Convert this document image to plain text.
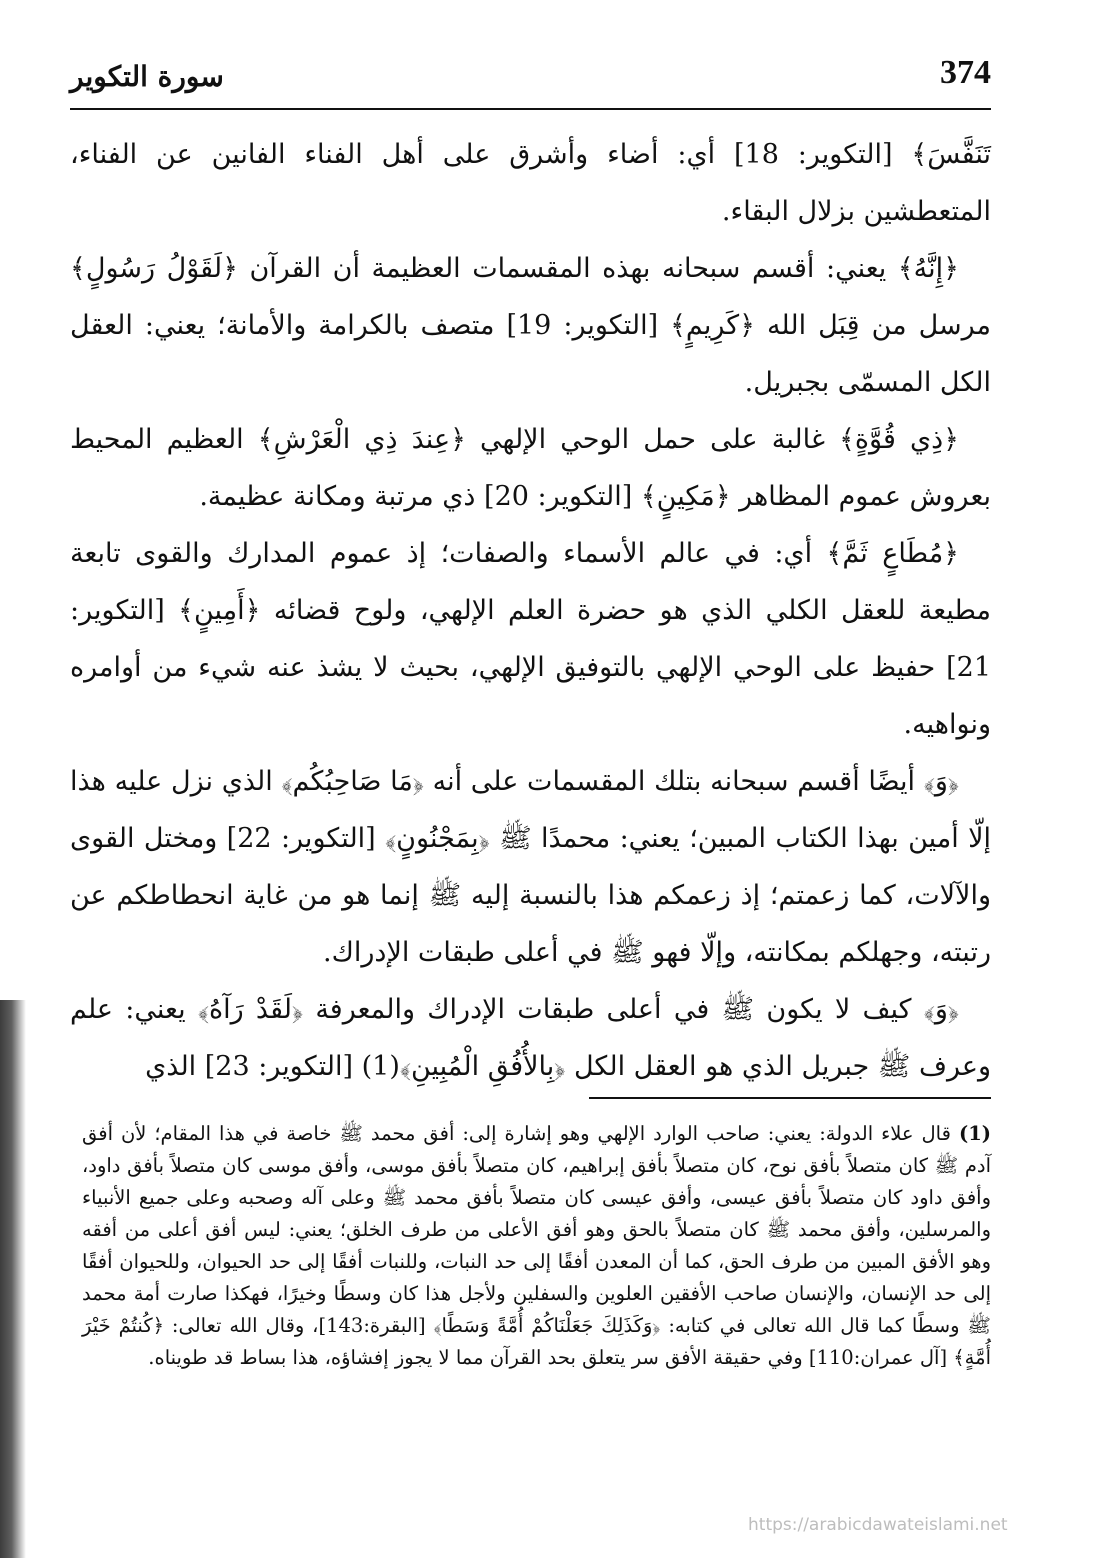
374
سورة التكوير

تَنَفَّسَ﴾ [التكوير: 18] أي: أضاء وأشرق على أهل الفناء الفانين عن الفناء، المتعطشين بزلال البقاء.

﴿إِنَّهُ﴾ يعني: أقسم سبحانه بهذه المقسمات العظيمة أن القرآن ﴿لَقَوْلُ رَسُولٍ﴾ مرسل من قِبَل الله ﴿كَرِيمٍ﴾ [التكوير: 19] متصف بالكرامة والأمانة؛ يعني: العقل الكل المسمّى بجبريل.

﴿ذِي قُوَّةٍ﴾ غالبة على حمل الوحي الإلهي ﴿عِندَ ذِي الْعَرْشِ﴾ العظيم المحيط بعروش عموم المظاهر ﴿مَكِينٍ﴾ [التكوير: 20] ذي مرتبة ومكانة عظيمة.

﴿مُطَاعٍ ثَمَّ﴾ أي: في عالم الأسماء والصفات؛ إذ عموم المدارك والقوى تابعة مطيعة للعقل الكلي الذي هو حضرة العلم الإلهي، ولوح قضائه ﴿أَمِينٍ﴾ [التكوير: 21] حفيظ على الوحي الإلهي بالتوفيق الإلهي، بحيث لا يشذ عنه شيء من أوامره ونواهيه.

﴿وَ﴾ أيضًا أقسم سبحانه بتلك المقسمات على أنه ﴿مَا صَاحِبُكُم﴾ الذي نزل عليه هذا إلّا أمين بهذا الكتاب المبين؛ يعني: محمدًا ﷺ ﴿بِمَجْنُونٍ﴾ [التكوير: 22] ومختل القوى والآلات، كما زعمتم؛ إذ زعمكم هذا بالنسبة إليه ﷺ إنما هو من غاية انحطاطكم عن رتبته، وجهلكم بمكانته، وإلّا فهو ﷺ في أعلى طبقات الإدراك.

﴿وَ﴾ كيف لا يكون ﷺ في أعلى طبقات الإدراك والمعرفة ﴿لَقَدْ رَآهُ﴾ يعني: علم وعرف ﷺ جبريل الذي هو العقل الكل ﴿بِالأُفُقِ الْمُبِينِ﴾(1) [التكوير: 23] الذي

(1)قال علاء الدولة: يعني: صاحب الوارد الإلهي وهو إشارة إلى: أفق محمد ﷺ خاصة في هذا المقام؛ لأن أفق آدم ﷺ كان متصلاً بأفق نوح، كان متصلاً بأفق إبراهيم، كان متصلاً بأفق موسى، وأفق موسى كان متصلاً بأفق داود، وأفق داود كان متصلاً بأفق عيسى، وأفق عيسى كان متصلاً بأفق محمد ﷺ وعلى آله وصحبه وعلى جميع الأنبياء والمرسلين، وأفق محمد ﷺ كان متصلاً بالحق وهو أفق الأعلى من طرف الخلق؛ يعني: ليس أفق أعلى من أفقه وهو الأفق المبين من طرف الحق، كما أن المعدن أفقًا إلى حد النبات، وللنبات أفقًا إلى حد الحيوان، وللحيوان أفقًا إلى حد الإنسان، والإنسان صاحب الأفقين العلوين والسفلين ولأجل هذا كان وسطًا وخيرًا، فهكذا صارت أمة محمد ﷺ وسطًا كما قال الله تعالى في كتابه: ﴿وَكَذَلِكَ جَعَلْنَاكُمْ أُمَّةً وَسَطًا﴾ [البقرة:143]، وقال الله تعالى: ﴿كُنتُمْ خَيْرَ أُمَّةٍ﴾ [آل عمران:110] وفي حقيقة الأفق سر يتعلق بحد القرآن مما لا يجوز إفشاؤه، هذا بساط قد طويناه.
https://arabicdawateislami.net
